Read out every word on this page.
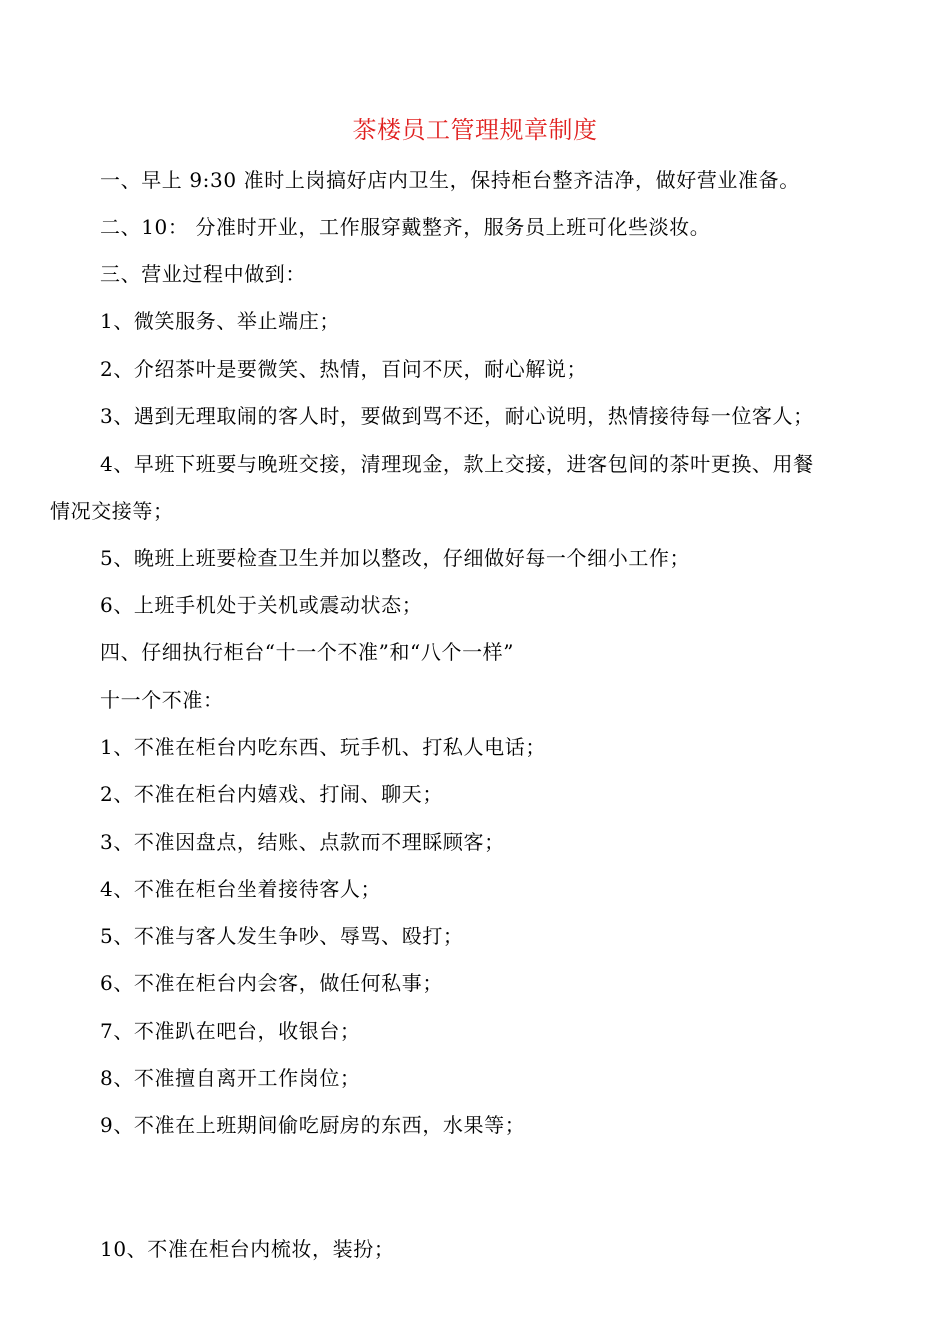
茶楼员工管理规章制度
一、早上 9:30 准时上岗搞好店内卫生，保持柜台整齐洁净，做好营业准备。
二、10： 分准时开业，工作服穿戴整齐，服务员上班可化些淡妆。
三、营业过程中做到：
1、微笑服务、举止端庄；
2、介绍茶叶是要微笑、热情，百问不厌，耐心解说；
3、遇到无理取闹的客人时，要做到骂不还，耐心说明，热情接待每一位客人；
4、早班下班要与晚班交接，清理现金，款上交接，进客包间的茶叶更换、用餐
情况交接等；
5、晚班上班要检查卫生并加以整改，仔细做好每一个细小工作；
6、上班手机处于关机或震动状态；
四、仔细执行柜台“十一个不准”和“八个一样”
十一个不准：
1、不准在柜台内吃东西、玩手机、打私人电话；
2、不准在柜台内嬉戏、打闹、聊天；
3、不准因盘点，结账、点款而不理睬顾客；
4、不准在柜台坐着接待客人；
5、不准与客人发生争吵、辱骂、殴打；
6、不准在柜台内会客，做任何私事；
7、不准趴在吧台，收银台；
8、不准擅自离开工作岗位；
9、不准在上班期间偷吃厨房的东西，水果等；
10、不准在柜台内梳妆，装扮；
